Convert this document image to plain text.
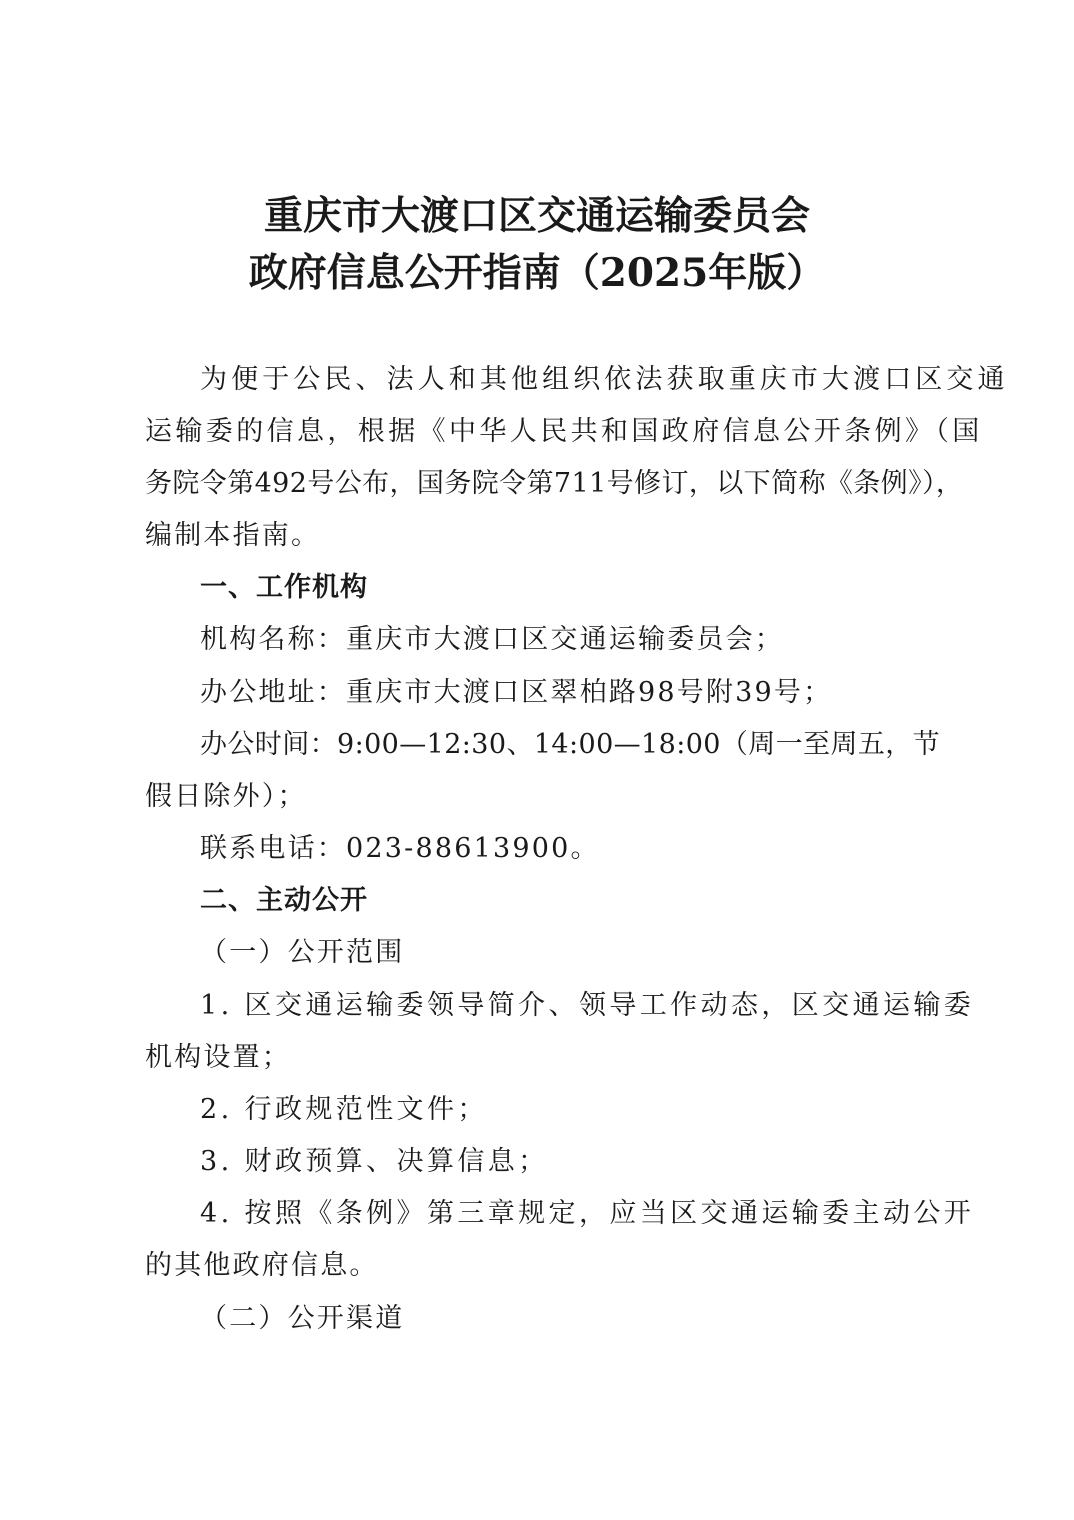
重庆市大渡口区交通运输委员会
政府信息公开指南（2025年版）
为便于公民、法人和其他组织依法获取重庆市大渡口区交通
运输委的信息，根据《中华人民共和国政府信息公开条例》（国
务院令第492号公布，国务院令第711号修订，以下简称《条例》），
编制本指南。
一、工作机构
机构名称：重庆市大渡口区交通运输委员会；
办公地址：重庆市大渡口区翠柏路98号附39号；
办公时间：9:00—12:30、14:00—18:00（周一至周五，节
假日除外）；
联系电话：023-88613900。
二、主动公开
（一）公开范围
1. 区交通运输委领导简介、领导工作动态，区交通运输委
机构设置；
2. 行政规范性文件；
3. 财政预算、决算信息；
4. 按照《条例》第三章规定，应当区交通运输委主动公开
的其他政府信息。
（二）公开渠道
